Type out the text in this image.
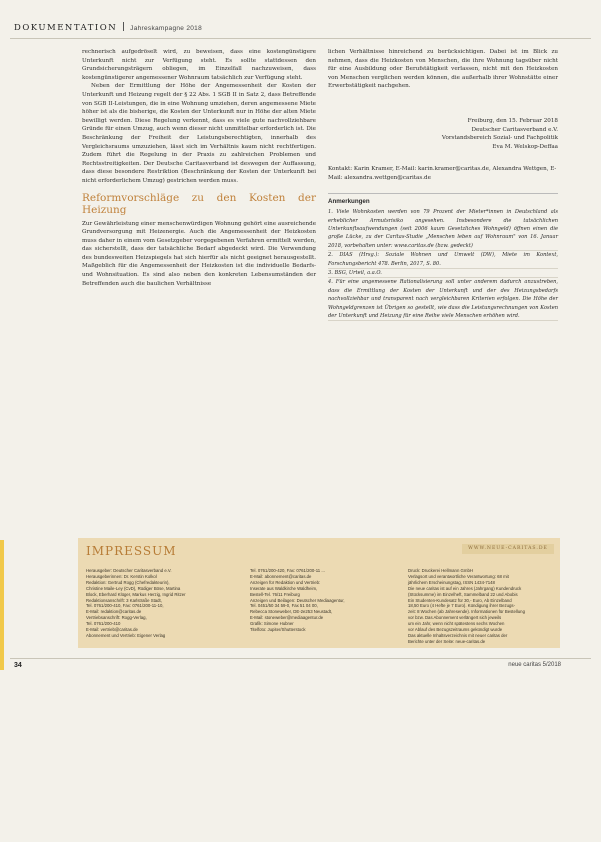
DOKUMENTATION Jahreskampagne 2018

rechnerisch aufgedröselt wird, zu beweisen, dass eine kostengünstigere Unterkunft nicht zur Verfügung steht. Es sollte stattdessen den Grundsicherungsträgern obliegen, im Einzelfall nachzuweisen, dass kostengünstigerer angemessener Wohnraum tatsächlich zur Verfügung steht.

Neben der Ermittlung der Höhe der Angemessenheit der Kosten der Unterkunft und Heizung regelt der § 22 Abs. 1 SGB II in Satz 2, dass Betreffende von SGB II-Leistungen, die in eine Wohnung umziehen, deren angemessene Miete höher ist als die bisherige, die Kosten der Unterkunft nur in Höhe der alten Miete bewilligt werden. Diese Regelung verkennt, dass es viele gute nachvollziehbare Gründe für einen Umzug, auch wenn dieser nicht unmittelbar erforderlich ist. Die Beschränkung der Freiheit der Leistungsberechtigten, innerhalb des Vergleichsraums umzuziehen, lässt sich im Verhältnis kaum nicht rechtfertigen. Zudem führt die Regelung in der Praxis zu zahlreichen Problemen und Rechtsstreitigkeiten. Der Deutsche Caritasverband ist deswegen der Auffassung, dass diese besondere Restriktion (Beschränkung der Kosten der Unterkunft bei nicht erforderlichem Umzug) gestrichen werden muss.

Reformvorschläge zu den Kosten der Heizung

Zur Gewährleistung einer menschenwürdigen Wohnung gehört eine ausreichende Grundversorgung mit Heizenergie. Auch die Angemessenheit der Heizkosten muss daher in einem vom Gesetzgeber vorgegebenen Verfahren ermittelt werden, das sicherstellt, dass der tatsächliche Bedarf abgedeckt wird. Die Verwendung des bundesweiten Heizspiegels hat sich hierfür als nicht geeignet herausgestellt. Maßgeblich für die Angemessenheit der Heizkosten ist die individuelle Bedarfs- und Wohnsituation. Es sind also neben den konkreten Lebensumständen der Betreffenden auch die baulichen Verhältnisse

lichen Verhältnisse hinreichend zu berücksichtigen. Dabei ist im Blick zu nehmen, dass die Heizkosten von Menschen, die ihre Wohnung tagsüber nicht für eine Ausbildung oder Berufstätigkeit verlassen, nicht mit den Heizkosten von Menschen verglichen werden können, die außerhalb ihrer Wohnstätte einer Erwerbstätigkeit nachgehen.

Freiburg, den 15. Februar 2018
Deutscher Caritasverband e.V.
Vorstandsbereich Sozial- und Fachpolitik
Eva M. Welskop-Deffaa
Kontakt: Karin Kramer, E-Mail: karin.kramer@caritas.de, Alexandra Wettgen, E-Mail: alexandra.wettgen@caritas.de
Anmerkungen
1. Viele Wohnkosten werden von 79 Prozent der Mieter*innen in Deutschland als erheblicher Armutsrisiko angesehen. Insbesondere die tatsächlichen Unterkunftsaufwendungen (seit 2006 kaum Gesetzliches Wohngeld) öffnen einen die große Lücke, zu der Caritas-Studie „Menschen leben auf Wohnraum" von 16. Januar 2018, vorbehalten unter: www.caritas.de (bzw. gedeckt)
2. DIAS (Hrsg.): Soziale Wohnen und Umwelt (DW), Miete im Kontext, Forschungsbericht 478. Berlin, 2017, S. 80.
3. BSG, Urteil, a.a.O.
4. Für eine angemessene Rationalisierung soll unter anderem dadurch anzustreben, dass die Ermittlung der Kosten der Unterkunft und der des Heizungsbedarfs nachvollziehbar und transparent nach vergleichbaren Kriterien erfolgen. Die Höhe der Wohngeldgrenzen ist Übrigen so gestellt, wie dass die Leistungsrechnungen von Kosten der Unterkunft und Heizung für eine Reihe viele Menschen erhöhen wird.
IMPRESSUM	WWW.NEUE-CARITAS.DE
Herausgeber: Deutscher Caritasverband e.V.
Herausgeberinnen: Dr. Kerstin Kolkol
Redaktion: Gertrud Rogg (Chefredakteurin),
Christine Maile-Ley (CvD), Rüdiger Böse, Martina
Block, Eberhard Klüger, Markus Herzig, Ingrid Ritzer
Redaktionsanschrift: 3 Karlstraße Stadt,
Tel. 0761/200-410, Fax: 0761/200-11-10,
E-Mail: redaktion@caritas.de
Vertriebsanschrift: Rogg-Verlag,
Tel. 0761/200-410
E-Mail: vertrieb@caritas.de
Abonnement und Vertrieb: Eigener Verlag
Tel. 0761/200-420, Fax: 0761/200-11 ...
E-Mail: abonnement@caritas.de
Anzeigen für Redaktion und Vertrieb:
Inserate aus Waldkirche Waldheim,
Bestell-Tel. 76/11 Freiburg
Anzeigen und Beilagen: Deutscher Mediaagentur,
Tel. 0451/50 34 59-0, Fax 51 04 00,
Rebecca Stoneweber, DE-2e253 Neustadt,
E-Mail: stoneweber@mediaagentur.de
Grafik: Simone Hubner
Titelfoto: Jupiter/Shutterstock
Druck: Druckerei Hellmann GmbH
Verlagsort und verantwortliche Verantwortung: 68 mit
jährlichem Erscheinungstag, ISSN 1434-7148
Die neue caritas ist auf ein Jahres (Jahrgang) Kundendruck
(Stücksumme) im Einzelheft, Sammelband 22 und Abobis
Ein Studenten-Kundesatz für 30,- Euro, Ab Einzelband
18,50 Euro (4 Hefte je 7 Euro). Kündigung ihrer Bezugs-
zeit: 8 Wochen (ab Jahresende). Informationen für Bestellung
vor bzw. Das Abonnement verlängert sich jeweils
um ein Jahr, wenn nicht spätestens sechs Wochen
vor Ablauf des Bezugszeitraums gekündigt wurde
Das aktuelle Inhaltsverzeichnis mit neuer caritas der
Berichte unter der Seite: neue-caritas.de
34	neue caritas 5/2018
